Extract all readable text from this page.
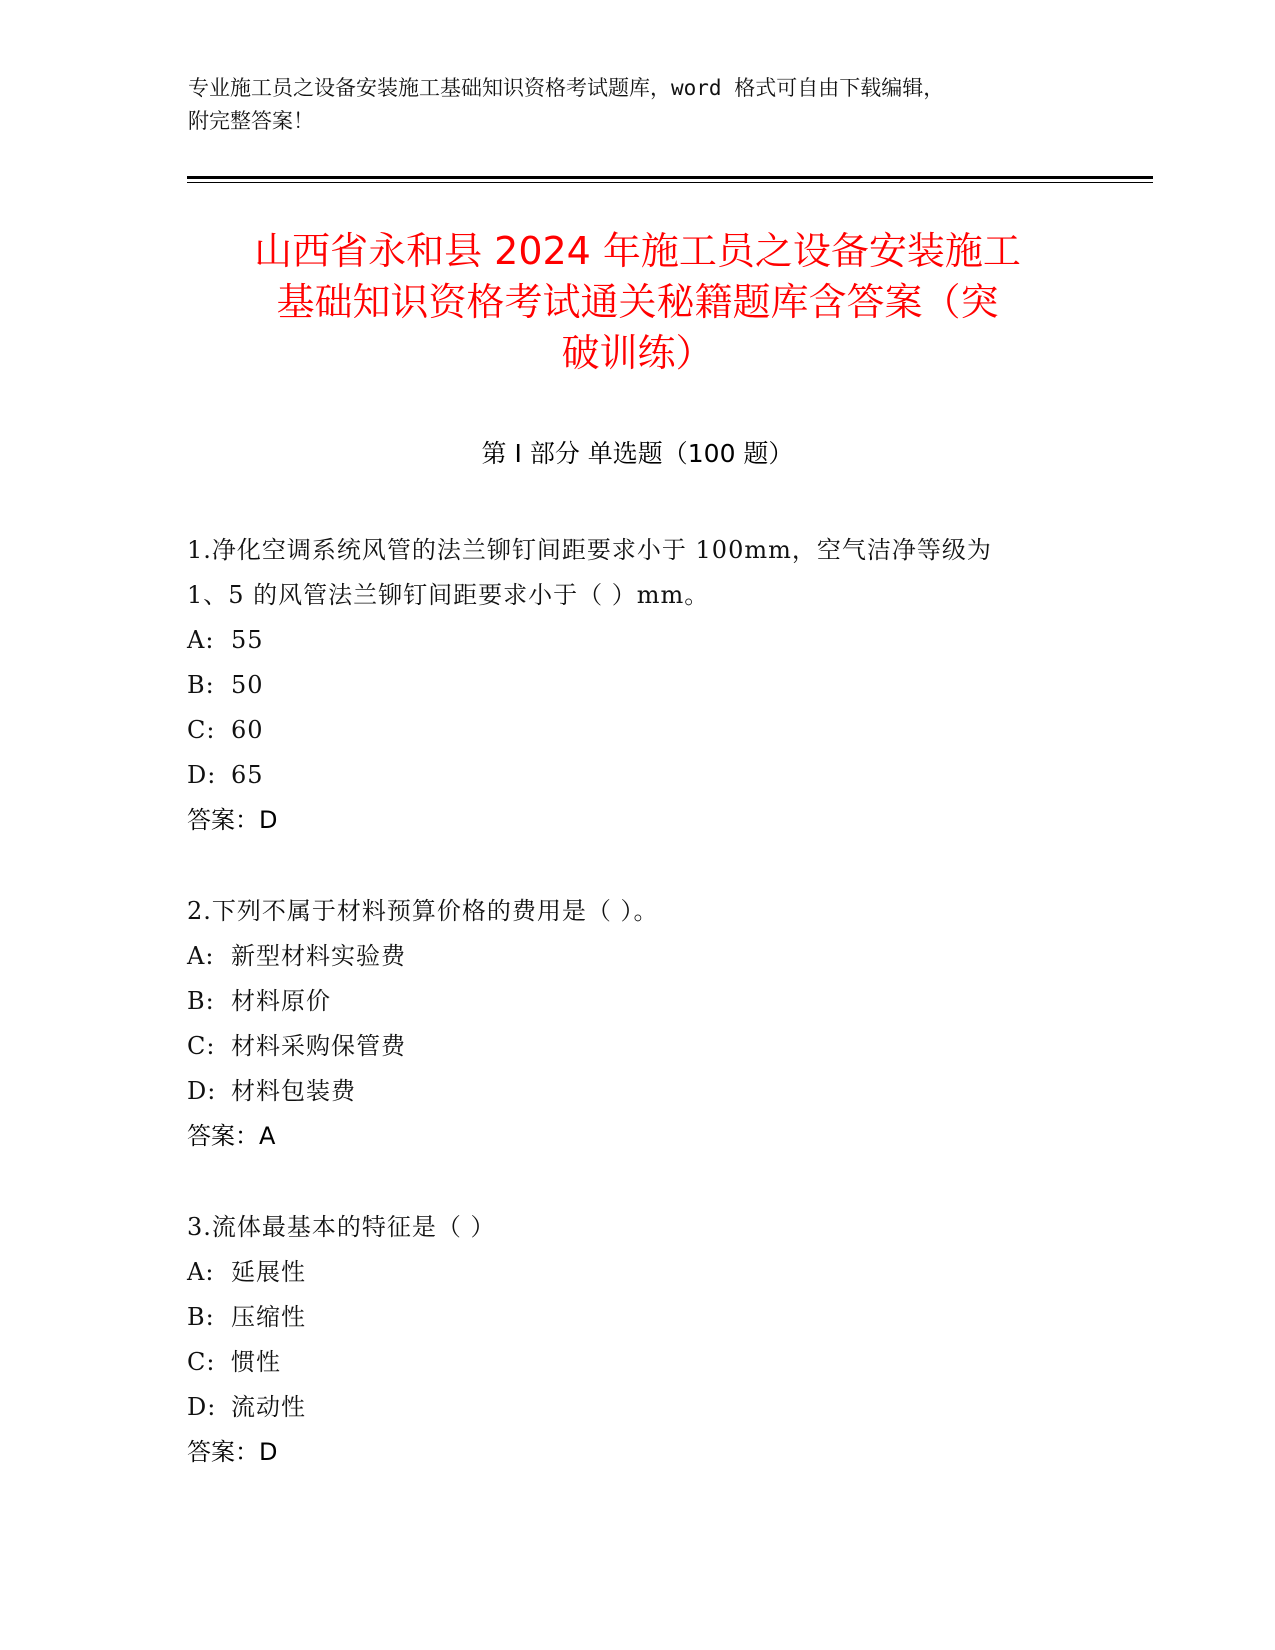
专业施工员之设备安装施工基础知识资格考试题库，word 格式可自由下载编辑，
附完整答案！
山西省永和县 2024 年施工员之设备安装施工
基础知识资格考试通关秘籍题库含答案（突
破训练）
第 I 部分 单选题（100 题）
1.净化空调系统风管的法兰铆钉间距要求小于 100mm，空气洁净等级为
1、5 的风管法兰铆钉间距要求小于（ ）mm。
A: 55
B: 50
C: 60
D: 65
答案：D
2.下列不属于材料预算价格的费用是（ ）。
A: 新型材料实验费
B: 材料原价
C: 材料采购保管费
D: 材料包装费
答案：A
3.流体最基本的特征是（ ）
A: 延展性
B: 压缩性
C: 惯性
D: 流动性
答案：D
